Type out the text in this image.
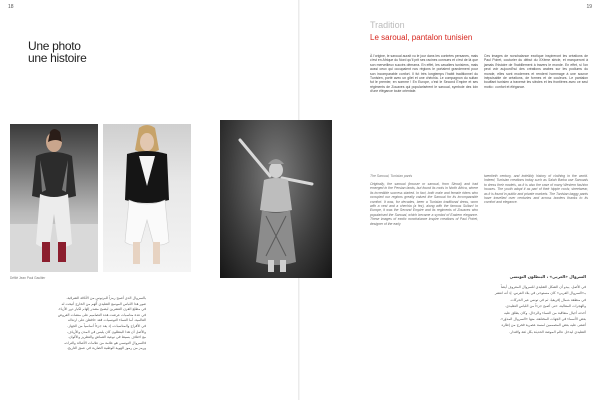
18
Une photo
une histoire
Défilé Jean Paul Gaultier
بالسروال الذي أصبح رمزاً للبرنوس من الأناقة الشرقية.
صور هذا اللباس الموسع التقليدي أُلهم من الخارج أتيحت له
في مطلع القرن العشرين ليصبح مصدر إلهام لكبار دور الأزياء.
في عدة مناسبات عرضت هذه التصاميم على منصات العروض
العالمية. أما النساء التونسيات فقد حافظن على ارتدائه
في الأفراح والمناسبات، إذ يعد جزءاً أساسياً من الجهاز.
والأصل أن هذا البنطلون كان يلبس في المدن والأرياف،
مع اختلاف بسيط في نوعية القماش والتطريز والألوان.
فالسروال التونسي هو علامة من علامات الأصالة والتراث،
ورمز من رموز الهوية الوطنية الضاربة في عمق التاريخ.
19
Tradition
Le saroual, pantalon tunisien
À l'origine, le saroual aurait vu le jour dans les contrées persanes, mais c'est en Afrique du Nord qu'il prit ses racines connues et c'est de là que son merveilleux succès démarra. En effet, les cavaliers tunisiens, mais aussi ceux qui occupaient nos régions le portaient grandement pour son incomparable confort. Il fut très longtemps l'habit traditionnel du Tunisien, porté avec un gilet et une chéchia. Le compagnon du sultan fut le premier, en somme ! En Europe, c'est le Second Empire et ses régiments de Zouaves qui popularisèrent le saroual, symbole des loin d'une élégance toute orientale.
Ces images de nonchalance exotique inspireront les créations de Paul Poiret, couturier du début du XXème siècle, et marqueront à jamais l'histoire de l'habillement à travers le monde. En effet, si l'on peut voir aujourd'hui des créations arabes sur les podiums du monde, elles sont modernes et rendent hommage à une source inépuisable de créations, de formes et de couleurs. Le pantalon bouffant tunisien a traversé les siècles et les frontières avec ce seul motto : confort et élégance.
The Saroual, Tunisian pants
Originally, the saroual (trouser or saroual, from Sirwal) and had emerged in the Persian lands, but found its roots in North Africa, where its incredible success started. In fact, both male and female riders who occupied our regions greatly valued the Saroual for its incomparable comfort. It was, for decades, been a Tunisian traditional dress, worn with a vest and a chechia (a fez), along with the famous Sultan! In Europe, it was the Second Empire and its regiments of Zouaves who popularised the Saroual, which became a symbol of Eastern elegance. These images of exotic nonchalance inspire creations of Paul Poiret, designer of the early
twentieth century, and indelibly history of clothing in the world. Indeed, Tunisian creations today such as Salah Barka use Sarouals to dress their models, as it is also the case of many Western fashion houses. The youth adopt it as part of their hippie cools; streetwear, as it is found in public and private markets. The Tunisian baggy pants have travelled over centuries and across borders thanks to its comfort and elegance.
السروال «العربي» ، البنطلون التونسي
في الأصل، يبدو أن الشكل التقليدي للسروال المعروف أيضاً
بـ«السروال العربي» كان مستوحى في بلاد الفرس. إذ أنه انتشر
في منطقة شمال إفريقيا، ثم في تونس عبر الحركات
والهجرات المتتالية، حتى أصبح جزءاً من اللباس التقليدي.
أخذته أجيال متعاقبة من النساء والرجال، وكان يطلق عليه
بعض الأسماء في الجهات المختلفة، منها «السروال المدوّر».
أضفى عليه بعض المصممين لمسة عصرية فخرج من إطاره
التقليدي ليدخل عالم الموضة الحديثة بكل ثقة واقتدار.
